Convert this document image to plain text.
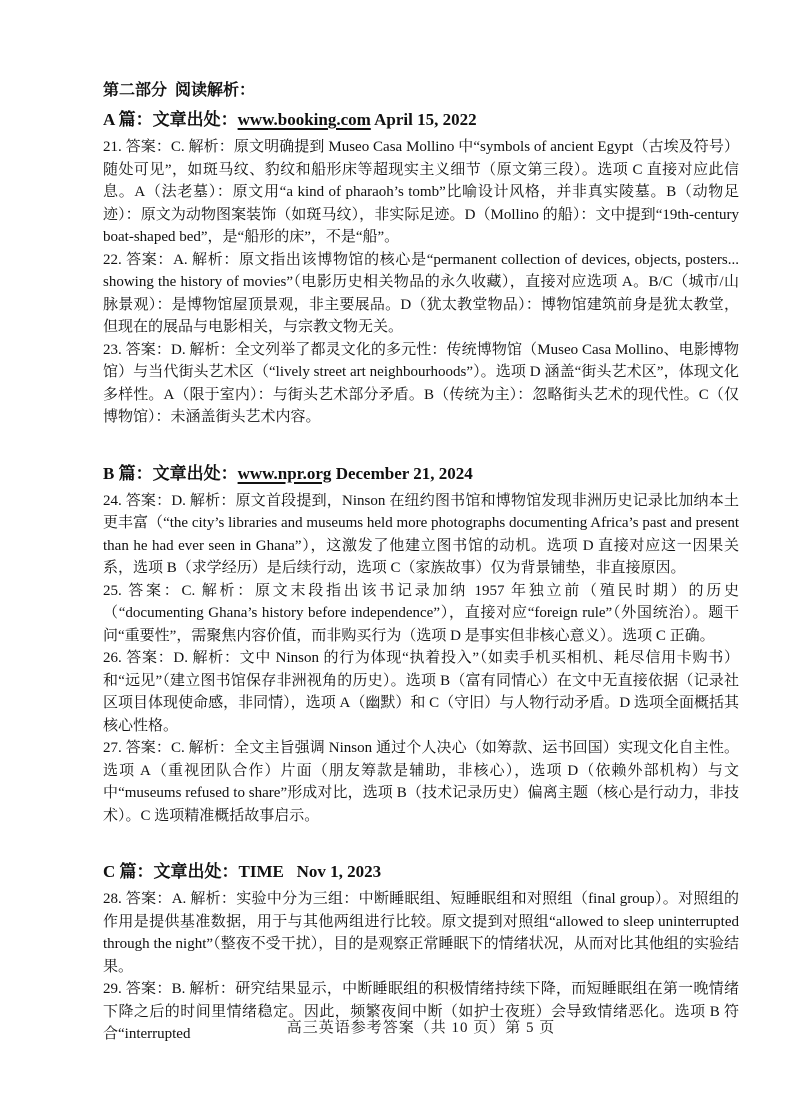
第二部分  阅读解析：

A 篇：文章出处：www.booking.com April 15, 2022

21. 答案：C. 解析：原文明确提到 Museo Casa Mollino 中“symbols of ancient Egypt（古埃及符号）随处可见”，如斑马纹、豹纹和船形床等超现实主义细节（原文第三段）。选项 C 直接对应此信息。A（法老墓）：原文用“a kind of pharaoh’s tomb”比喻设计风格，并非真实陵墓。B（动物足迹）：原文为动物图案装饰（如斑马纹），非实际足迹。D（Mollino 的船）：文中提到“19th-century boat-shaped bed”，是“船形的床”，不是“船”。

22. 答案：A. 解析：原文指出该博物馆的核心是“permanent collection of devices, objects, posters... showing the history of movies”（电影历史相关物品的永久收藏），直接对应选项 A。B/C（城市/山脉景观）：是博物馆屋顶景观，非主要展品。D（犹太教堂物品）：博物馆建筑前身是犹太教堂，但现在的展品与电影相关，与宗教文物无关。

23. 答案：D. 解析：全文列举了都灵文化的多元性：传统博物馆（Museo Casa Mollino、电影博物馆）与当代街头艺术区（“lively street art neighbourhoods”）。选项 D 涵盖“街头艺术区”，体现文化多样性。A（限于室内）：与街头艺术部分矛盾。B（传统为主）：忽略街头艺术的现代性。C（仅博物馆）：未涵盖街头艺术内容。

B 篇：文章出处：www.npr.org December 21, 2024

24. 答案：D. 解析：原文首段提到，Ninson 在纽约图书馆和博物馆发现非洲历史记录比加纳本土更丰富（“the city’s libraries and museums held more photographs documenting Africa’s past and present than he had ever seen in Ghana”），这激发了他建立图书馆的动机。选项 D 直接对应这一因果关系，选项 B（求学经历）是后续行动，选项 C（家族故事）仅为背景铺垫，非直接原因。

25. 答案：C. 解析：原文末段指出该书记录加纳 1957 年独立前（殖民时期）的历史（“documenting Ghana’s history before independence”），直接对应“foreign rule”（外国统治）。题干问“重要性”，需聚焦内容价值，而非购买行为（选项 D 是事实但非核心意义）。选项 C 正确。

26. 答案：D. 解析：文中 Ninson 的行为体现“执着投入”（如卖手机买相机、耗尽信用卡购书）和“远见”（建立图书馆保存非洲视角的历史）。选项 B（富有同情心）在文中无直接依据（记录社区项目体现使命感，非同情），选项 A（幽默）和 C（守旧）与人物行动矛盾。D 选项全面概括其核心性格。

27. 答案：C. 解析：全文主旨强调 Ninson 通过个人决心（如筹款、运书回国）实现文化自主性。选项 A（重视团队合作）片面（朋友筹款是辅助，非核心），选项 D（依赖外部机构）与文中“museums refused to share”形成对比，选项 B（技术记录历史）偏离主题（核心是行动力，非技术）。C 选项精准概括故事启示。

C 篇：文章出处：TIME   Nov 1, 2023

28. 答案：A. 解析：实验中分为三组：中断睡眠组、短睡眠组和对照组（final group）。对照组的作用是提供基准数据，用于与其他两组进行比较。原文提到对照组“allowed to sleep uninterrupted through the night”（整夜不受干扰），目的是观察正常睡眠下的情绪状况，从而对比其他组的实验结果。

29. 答案：B. 解析：研究结果显示，中断睡眠组的积极情绪持续下降，而短睡眠组在第一晚情绪下降之后的时间里情绪稳定。因此，频繁夜间中断（如护士夜班）会导致情绪恶化。选项 B 符合“interrupted	高三英语参考答案（共 10 页）第 5 页
